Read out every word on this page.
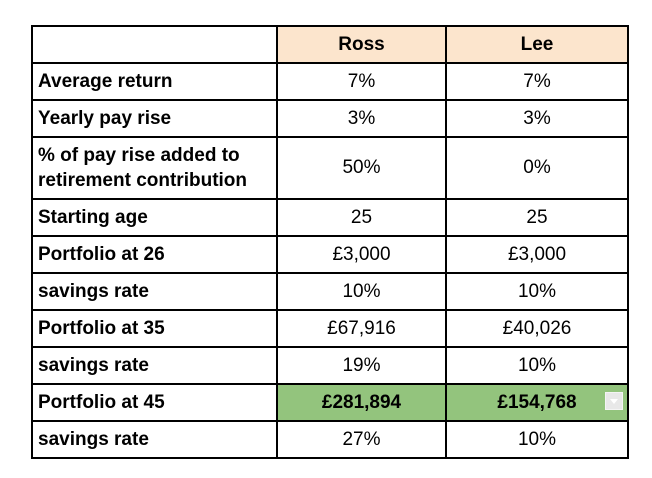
	Ross	Lee
Average return	7%	7%
Yearly pay rise	3%	3%
% of pay rise added to
retirement contribution	50%	0%
Starting age	25	25
Portfolio at 26	£3,000	£3,000
savings rate	10%	10%
Portfolio at 35	£67,916	£40,026
savings rate	19%	10%
Portfolio at 45	£281,894	£154,768

savings rate	27%	10%
